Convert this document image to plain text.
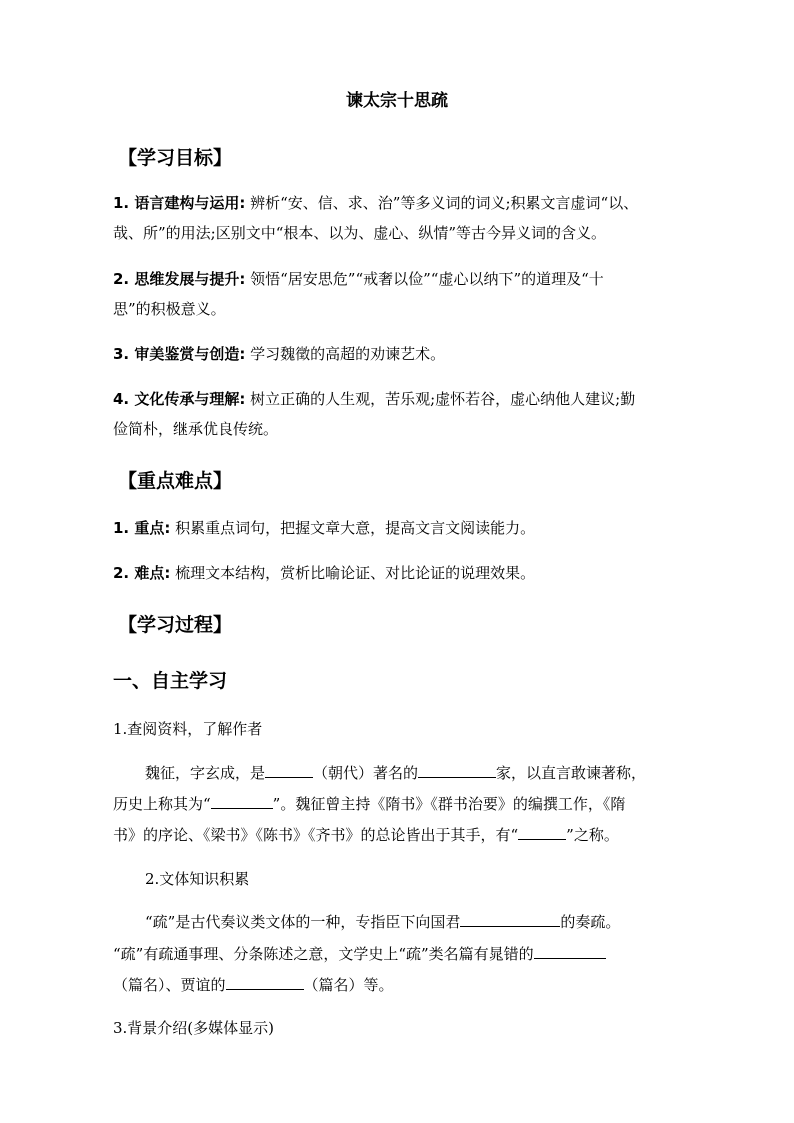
谏太宗十思疏
【学习目标】
1. 语言建构与运用: 辨析“安、信、求、治”等多义词的词义;积累文言虚词“以、
哉、所”的用法;区别文中“根本、以为、虚心、纵情”等古今异义词的含义。
2. 思维发展与提升: 领悟“居安思危”“戒奢以俭”“虚心以纳下”的道理及“十
思”的积极意义。
3. 审美鉴赏与创造: 学习魏徵的高超的劝谏艺术。
4. 文化传承与理解: 树立正确的人生观，苦乐观;虚怀若谷，虚心纳他人建议;勤
俭简朴，继承优良传统。
【重点难点】
1. 重点: 积累重点词句，把握文章大意，提高文言文阅读能力。
2. 难点: 梳理文本结构，赏析比喻论证、对比论证的说理效果。
【学习过程】
一、自主学习
1.查阅资料，了解作者
魏征，字玄成，是	（朝代）著名的	家，以直言敢谏著称，
历史上称其为“	”。魏征曾主持《隋书》《群书治要》的编撰工作，《隋
书》的序论、《梁书》《陈书》《齐书》的总论皆出于其手，有“	”之称。
2.文体知识积累
“疏”是古代奏议类文体的一种，专指臣下向国君	的奏疏。
“疏”有疏通事理、分条陈述之意，文学史上“疏”类名篇有晁错的
（篇名）、贾谊的	（篇名）等。
3.背景介绍(多媒体显示)
